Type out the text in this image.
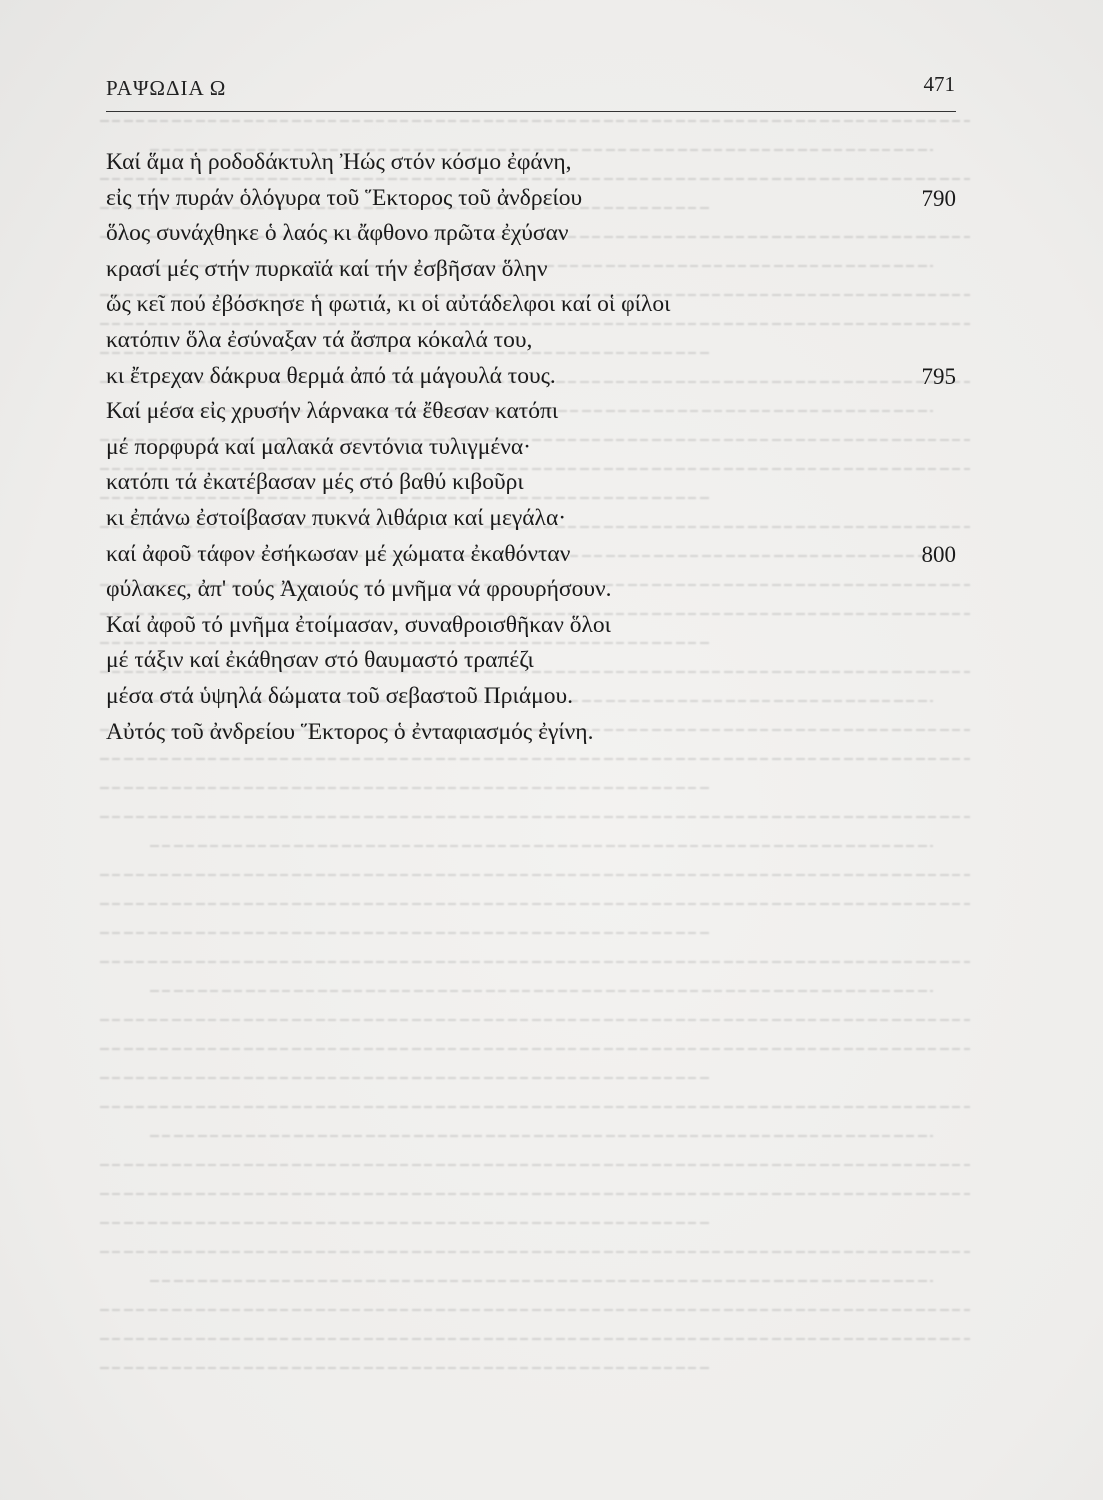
ΡΑΨΩΔΙΑ Ω	471
Καί ἅμα ἡ ροδοδάκτυλη Ἠώς στόν κόσμο ἐφάνη,
εἰς τήν πυράν ὁλόγυρα τοῦ Ἕκτορος τοῦ ἀνδρείου	790
ὅλος συνάχθηκε ὁ λαός κι ἄφθονο πρῶτα ἐχύσαν
κρασί μές στήν πυρκαϊά καί τήν ἐσβῆσαν ὅλην
ὥς κεῖ πού ἐβόσκησε ἡ φωτιά, κι οἱ αὐτάδελφοι καί οἱ φίλοι
κατόπιν ὅλα ἐσύναξαν τά ἄσπρα κόκαλά του,
κι ἔτρεχαν δάκρυα θερμά ἀπό τά μάγουλά τους.	795
Καί μέσα εἰς χρυσήν λάρνακα τά ἔθεσαν κατόπι
μέ πορφυρά καί μαλακά σεντόνια τυλιγμένα·
κατόπι τά ἐκατέβασαν μές στό βαθύ κιβοῦρι
κι ἐπάνω ἐστοίβασαν πυκνά λιθάρια καί μεγάλα·
καί ἀφοῦ τάφον ἐσήκωσαν μέ χώματα ἐκαθόνταν	800
φύλακες, ἀπ' τούς Ἀχαιούς τό μνῆμα νά φρουρήσουν.
Καί ἀφοῦ τό μνῆμα ἐτοίμασαν, συναθροισθῆκαν ὅλοι
μέ τάξιν καί ἐκάθησαν στό θαυμαστό τραπέζι
μέσα στά ὑψηλά δώματα τοῦ σεβαστοῦ Πριάμου.
Αὐτός τοῦ ἀνδρείου Ἕκτορος ὁ ἐνταφιασμός ἐγίνη.
